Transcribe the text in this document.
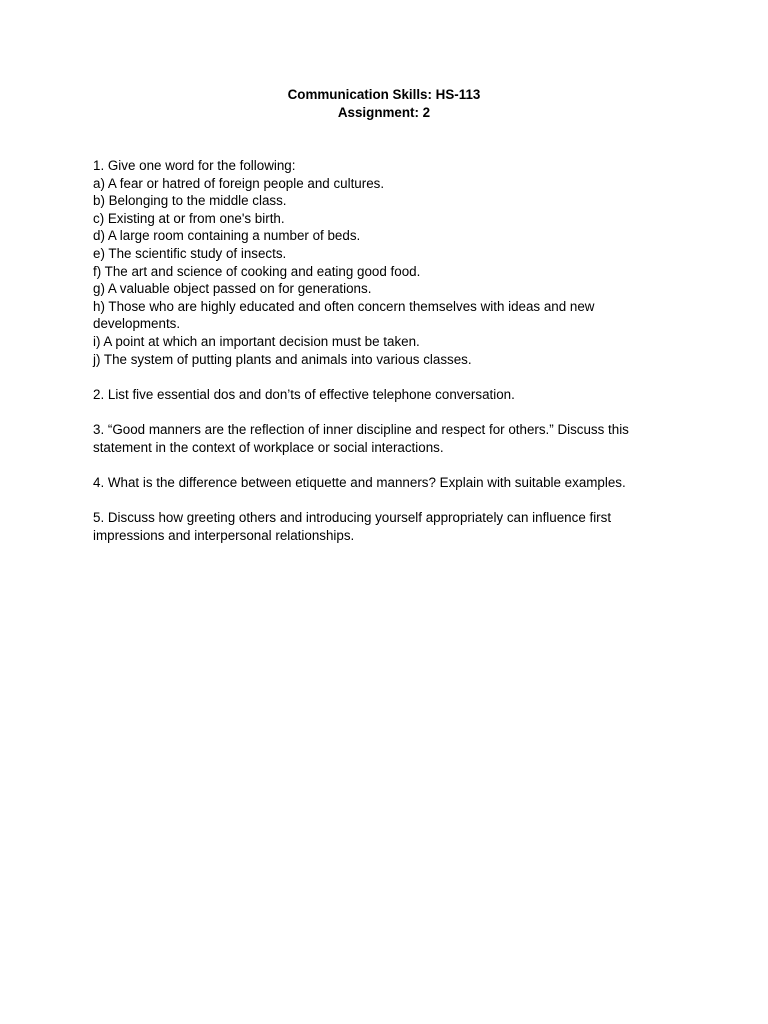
Communication Skills: HS-113

Assignment: 2

1. Give one word for the following:
a) A fear or hatred of foreign people and cultures.
b) Belonging to the middle class.
c) Existing at or from one's birth.
d) A large room containing a number of beds.
e) The scientific study of insects.
f) The art and science of cooking and eating good food.
g) A valuable object passed on for generations.
h) Those who are highly educated and often concern themselves with ideas and new developments.
i) A point at which an important decision must be taken.
j) The system of putting plants and animals into various classes.
2. List five essential dos and don’ts of effective telephone conversation.
3. “Good manners are the reflection of inner discipline and respect for others.” Discuss this statement in the context of workplace or social interactions.
4. What is the difference between etiquette and manners? Explain with suitable examples.
5. Discuss how greeting others and introducing yourself appropriately can influence first impressions and interpersonal relationships.
